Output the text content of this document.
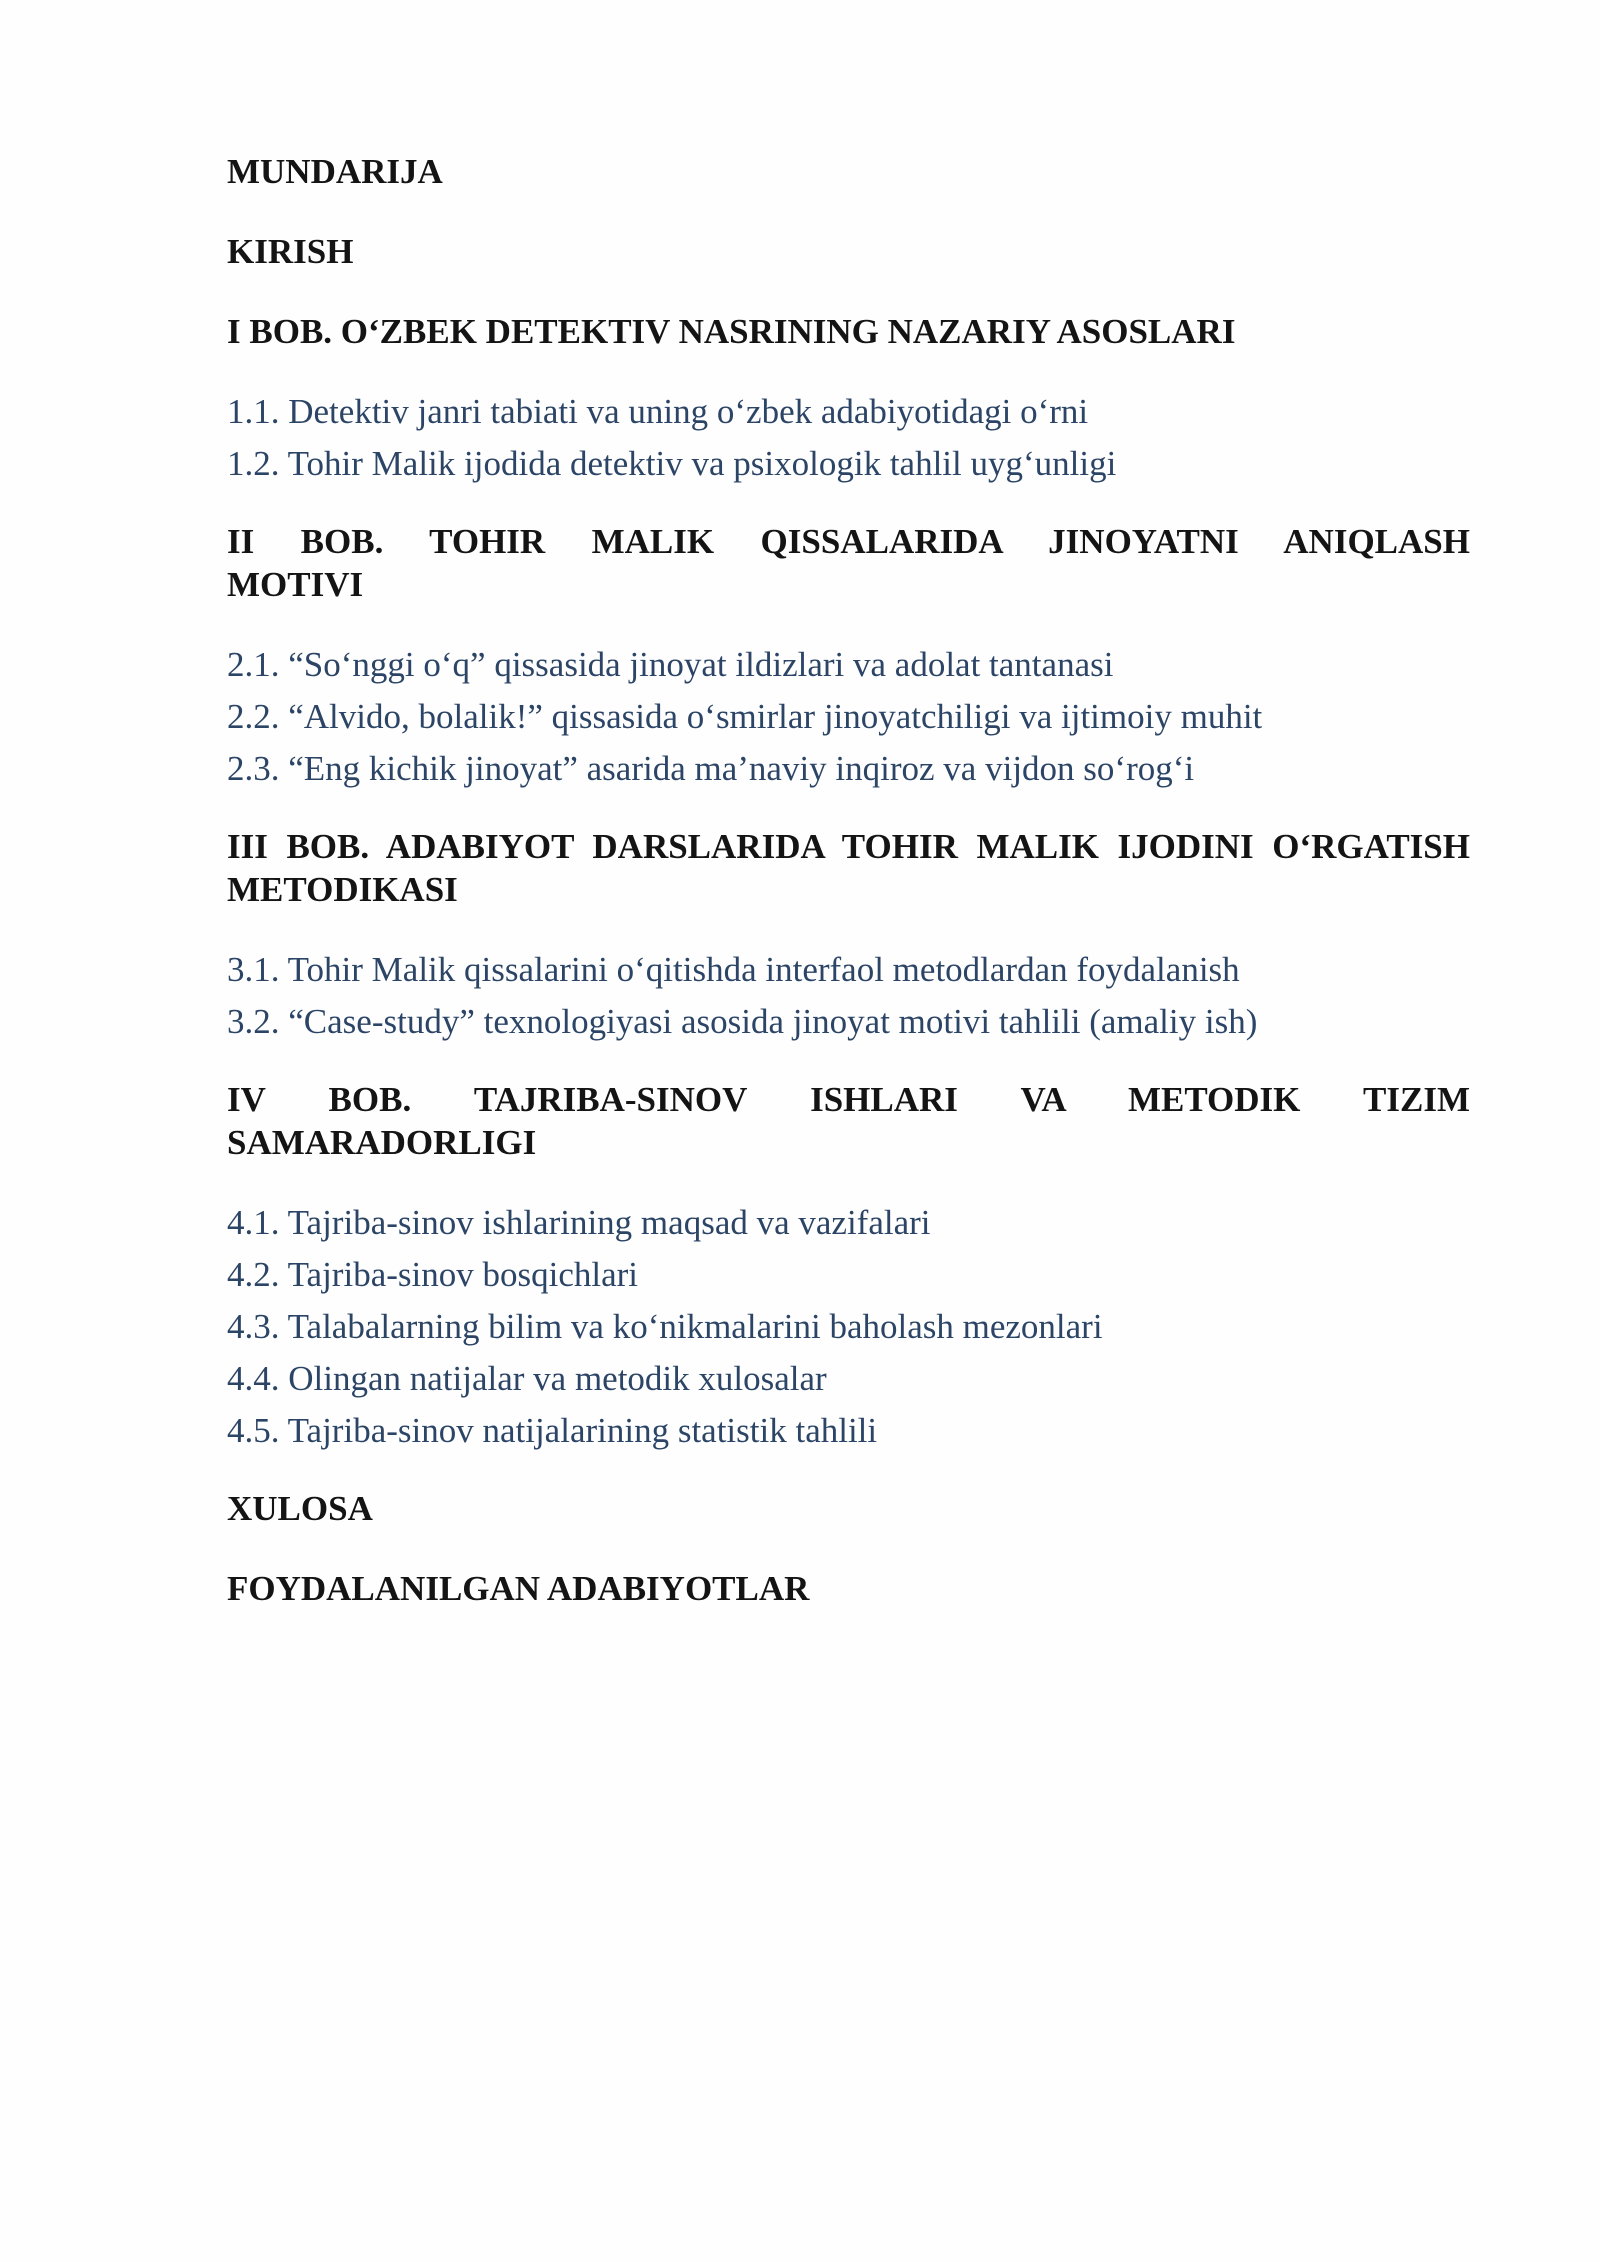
MUNDARIJA

KIRISH

I BOB. O‘ZBEK DETEKTIV NASRINING NAZARIY ASOSLARI

1.1. Detektiv janri tabiati va uning o‘zbek adabiyotidagi o‘rni
1.2. Tohir Malik ijodida detektiv va psixologik tahlil uyg‘unligi

II BOB. TOHIR MALIK QISSALARIDA JINOYATNI ANIQLASH
MOTIVI

2.1. “So‘nggi o‘q” qissasida jinoyat ildizlari va adolat tantanasi
2.2. “Alvido, bolalik!” qissasida o‘smirlar jinoyatchiligi va ijtimoiy muhit
2.3. “Eng kichik jinoyat” asarida ma’naviy inqiroz va vijdon so‘rog‘i

III BOB. ADABIYOT DARSLARIDA TOHIR MALIK IJODINI O‘RGATISH
METODIKASI

3.1. Tohir Malik qissalarini o‘qitishda interfaol metodlardan foydalanish
3.2. “Case-study” texnologiyasi asosida jinoyat motivi tahlili (amaliy ish)

IV BOB. TAJRIBA-SINOV ISHLARI VA METODIK TIZIM
SAMARADORLIGI

4.1. Tajriba-sinov ishlarining maqsad va vazifalari
4.2. Tajriba-sinov bosqichlari
4.3. Talabalarning bilim va ko‘nikmalarini baholash mezonlari
4.4. Olingan natijalar va metodik xulosalar
4.5. Tajriba-sinov natijalarining statistik tahlili

XULOSA

FOYDALANILGAN ADABIYOTLAR
